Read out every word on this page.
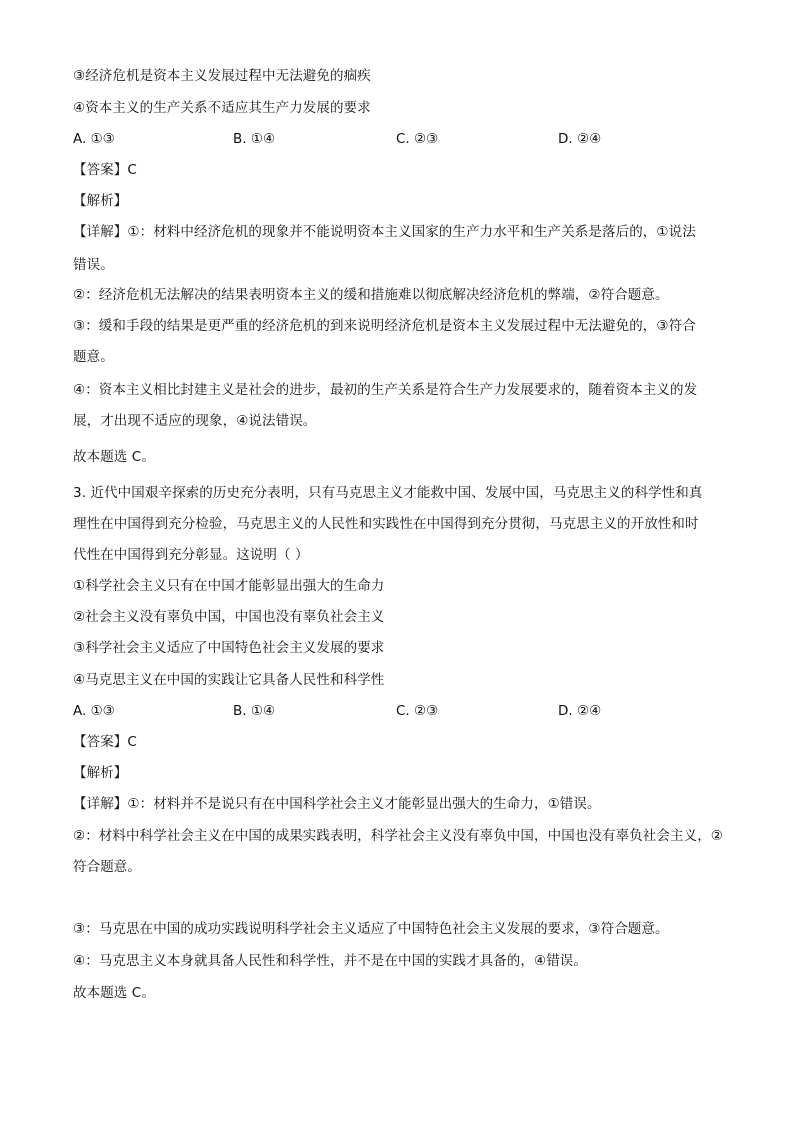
③经济危机是资本主义发展过程中无法避免的痼疾
④资本主义的生产关系不适应其生产力发展的要求
A. ①③	B. ①④	C. ②③	D. ②④
【答案】C
【解析】
【详解】①：材料中经济危机的现象并不能说明资本主义国家的生产力水平和生产关系是落后的，①说法
错误。
②：经济危机无法解决的结果表明资本主义的缓和措施难以彻底解决经济危机的弊端，②符合题意。
③：缓和手段的结果是更严重的经济危机的到来说明经济危机是资本主义发展过程中无法避免的，③符合
题意。
④：资本主义相比封建主义是社会的进步，最初的生产关系是符合生产力发展要求的，随着资本主义的发
展，才出现不适应的现象，④说法错误。
故本题选 C。
3. 近代中国艰辛探索的历史充分表明，只有马克思主义才能救中国、发展中国，马克思主义的科学性和真
理性在中国得到充分检验，马克思主义的人民性和实践性在中国得到充分贯彻，马克思主义的开放性和时
代性在中国得到充分彰显。这说明（ ）
①科学社会主义只有在中国才能彰显出强大的生命力
②社会主义没有辜负中国，中国也没有辜负社会主义
③科学社会主义适应了中国特色社会主义发展的要求
④马克思主义在中国的实践让它具备人民性和科学性
A. ①③	B. ①④	C. ②③	D. ②④
【答案】C
【解析】
【详解】①：材料并不是说只有在中国科学社会主义才能彰显出强大的生命力，①错误。
②：材料中科学社会主义在中国的成果实践表明，科学社会主义没有辜负中国，中国也没有辜负社会主义，②
符合题意。
③：马克思在中国的成功实践说明科学社会主义适应了中国特色社会主义发展的要求，③符合题意。
④：马克思主义本身就具备人民性和科学性，并不是在中国的实践才具备的，④错误。
故本题选 C。
